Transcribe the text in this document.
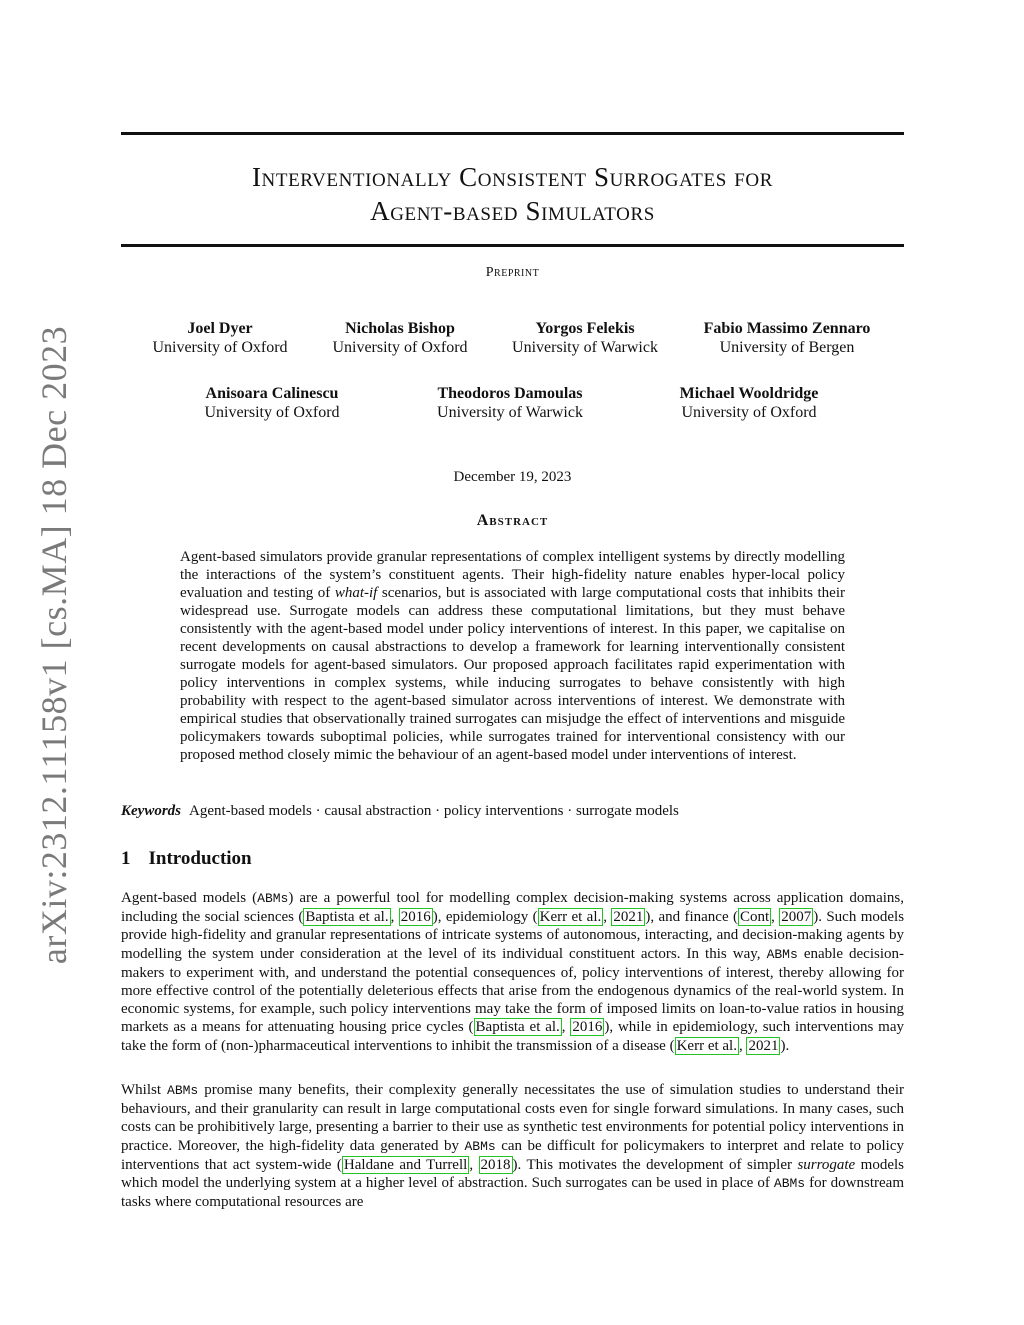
arXiv:2312.11158v1 [cs.MA] 18 Dec 2023
Interventionally Consistent Surrogates for
Agent-based Simulators
Preprint
Joel Dyer
University of Oxford
Nicholas Bishop
University of Oxford
Yorgos Felekis
University of Warwick
Fabio Massimo Zennaro
University of Bergen
Anisoara Calinescu
University of Oxford
Theodoros Damoulas
University of Warwick
Michael Wooldridge
University of Oxford
December 19, 2023
Abstract
Agent-based simulators provide granular representations of complex intelligent systems by directly modelling the interactions of the system’s constituent agents. Their high-fidelity nature enables hyper-local policy evaluation and testing of what-if scenarios, but is associated with large computational costs that inhibits their widespread use. Surrogate models can address these computational limitations, but they must behave consistently with the agent-based model under policy interventions of interest. In this paper, we capitalise on recent developments on causal abstractions to develop a framework for learning interventionally consistent surrogate models for agent-based simulators. Our proposed approach facilitates rapid experimentation with policy interventions in complex systems, while inducing surrogates to behave consistently with high probability with respect to the agent-based simulator across interventions of interest. We demonstrate with empirical studies that observationally trained surrogates can misjudge the effect of interventions and misguide policymakers towards suboptimal policies, while surrogates trained for interventional consistency with our proposed method closely mimic the behaviour of an agent-based model under interventions of interest.
Keywords Agent-based models · causal abstraction · policy interventions · surrogate models
1 Introduction
Agent-based models (ABMs) are a powerful tool for modelling complex decision-making systems across application domains, including the social sciences ( Baptista et al. , 2016 ), epidemiology ( Kerr et al. , 2021 ), and finance ( Cont , 2007 ). Such models provide high-fidelity and granular representations of intricate systems of autonomous, interacting, and decision-making agents by modelling the system under consideration at the level of its individual constituent actors. In this way, ABMs enable decision-makers to experiment with, and understand the potential consequences of, policy interventions of interest, thereby allowing for more effective control of the potentially deleterious effects that arise from the endogenous dynamics of the real-world system. In economic systems, for example, such policy interventions may take the form of imposed limits on loan-to-value ratios in housing markets as a means for attenuating housing price cycles ( Baptista et al. , 2016 ), while in epidemiology, such interventions may take the form of (non-)pharmaceutical interventions to inhibit the transmission of a disease ( Kerr et al. , 2021 ).
Whilst ABMs promise many benefits, their complexity generally necessitates the use of simulation studies to understand their behaviours, and their granularity can result in large computational costs even for single forward simulations. In many cases, such costs can be prohibitively large, presenting a barrier to their use as synthetic test environments for potential policy interventions in practice. Moreover, the high-fidelity data generated by ABMs can be difficult for policymakers to interpret and relate to policy interventions that act system-wide ( Haldane and Turrell , 2018 ). This motivates the development of simpler surrogate models which model the underlying system at a higher level of abstraction. Such surrogates can be used in place of ABMs for downstream tasks where computational resources are
